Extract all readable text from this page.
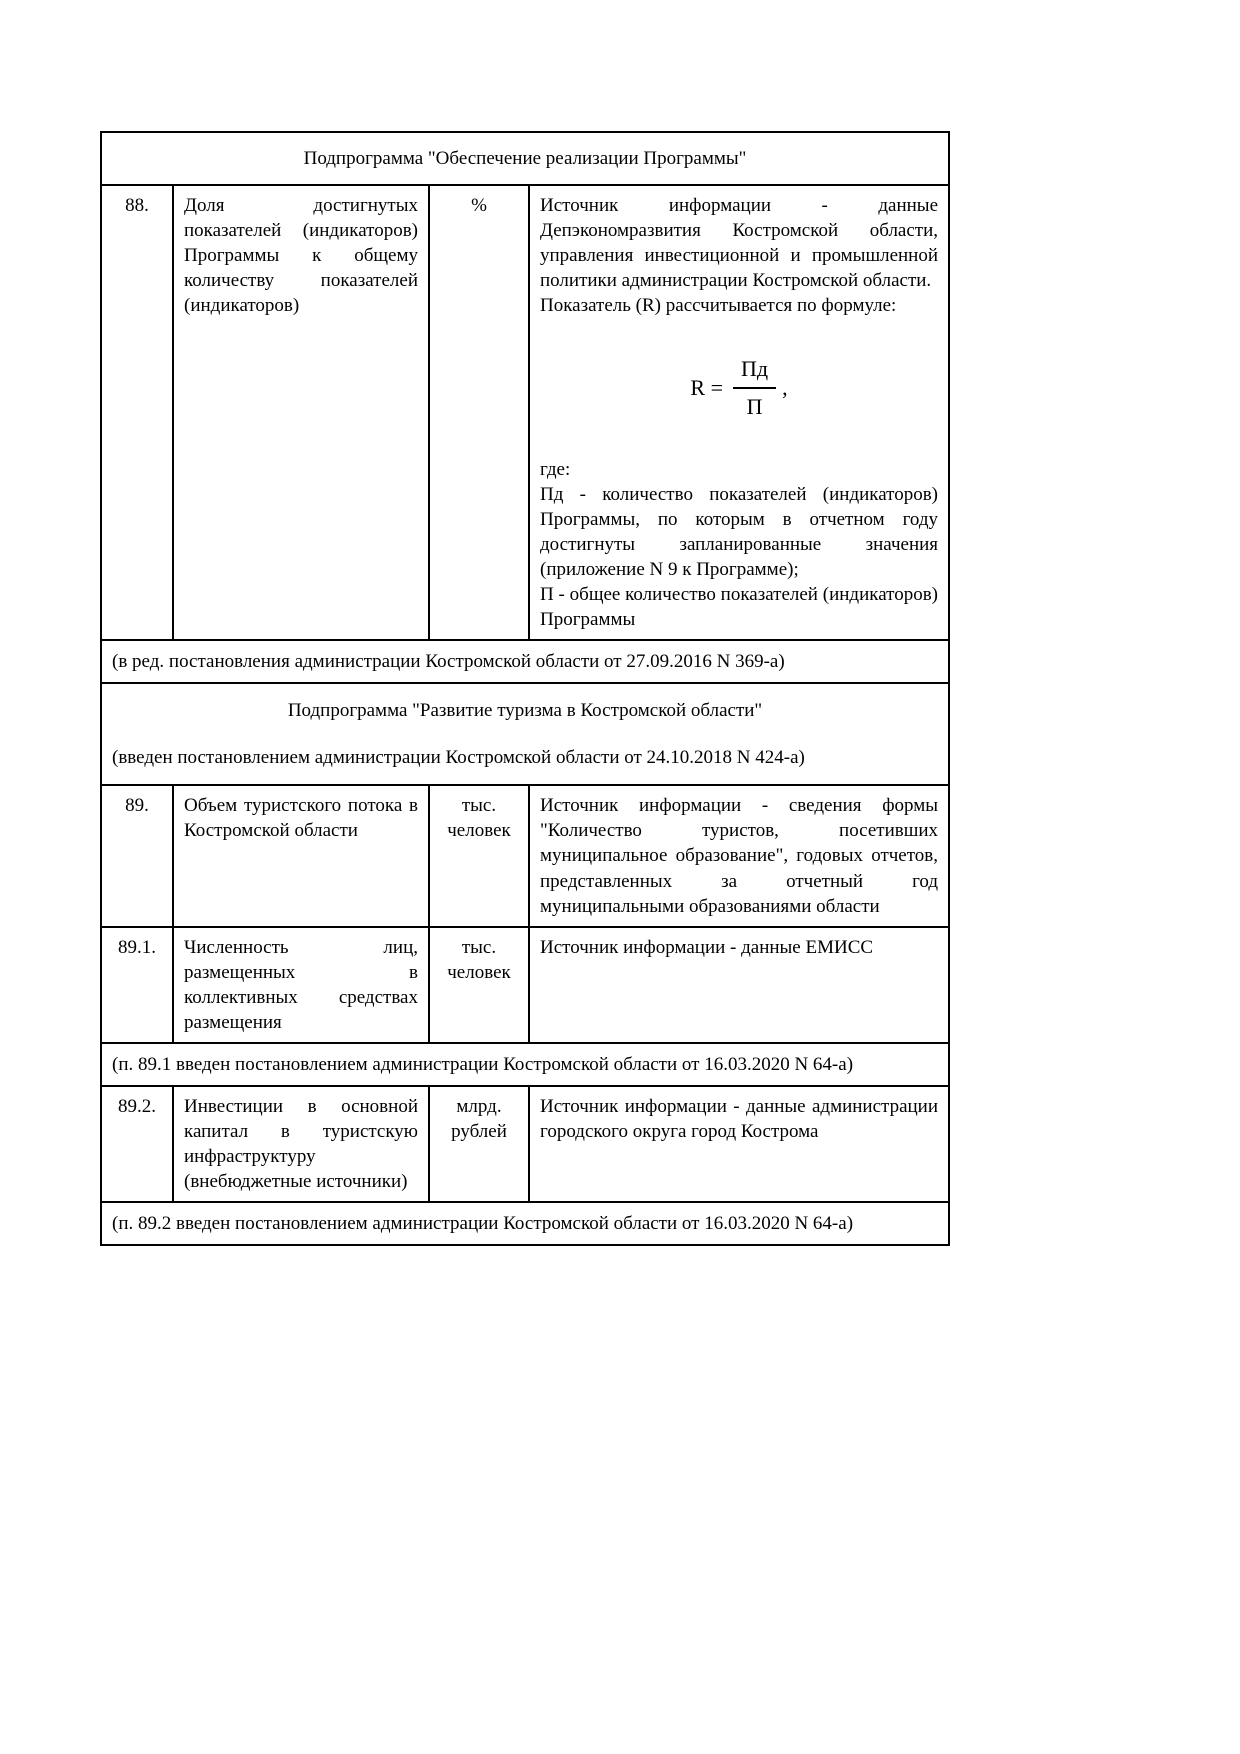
Подпрограмма "Обеспечение реализации Программы"			
88.	Доля достигнутых показателей (индикаторов) Программы к общему количеству показателей (индикаторов)	%	Источник информации - данные Депэкономразвития Костромской области, управления инвестиционной и промышленной политики администрации Костромской области.

Показатель (R) рассчитывается по формуле:

$R = \frac{Пд}{П}$ ,

где:

Пд - количество показателей (индикаторов) Программы, по которым в отчетном году достигнуты запланированные значения (приложение N 9 к Программе);

П - общее количество показателей (индикаторов) Программы

(в ред. постановления администрации Костромской области от 27.09.2016 N 369-а)			

Подпрограмма "Развитие туризма в Костромской области"

(введен постановлением администрации Костромской области от 24.10.2018 N 424-а)			

89.	Объем туристского потока в Костромской области	тыс. человек	Источник информации - сведения формы "Количество туристов, посетивших муниципальное образование", годовых отчетов, представленных за отчетный год муниципальными образованиями области
89.1.	Численность лиц, размещенных в коллективных средствах размещения	тыс. человек	Источник информации - данные ЕМИСС
(п. 89.1 введен постановлением администрации Костромской области от 16.03.2020 N 64-а)			
89.2.	Инвестиции в основной капитал в туристскую инфраструктуру (внебюджетные источники)	млрд. рублей	Источник информации - данные администрации городского округа город Кострома
(п. 89.2 введен постановлением администрации Костромской области от 16.03.2020 N 64-а)			
